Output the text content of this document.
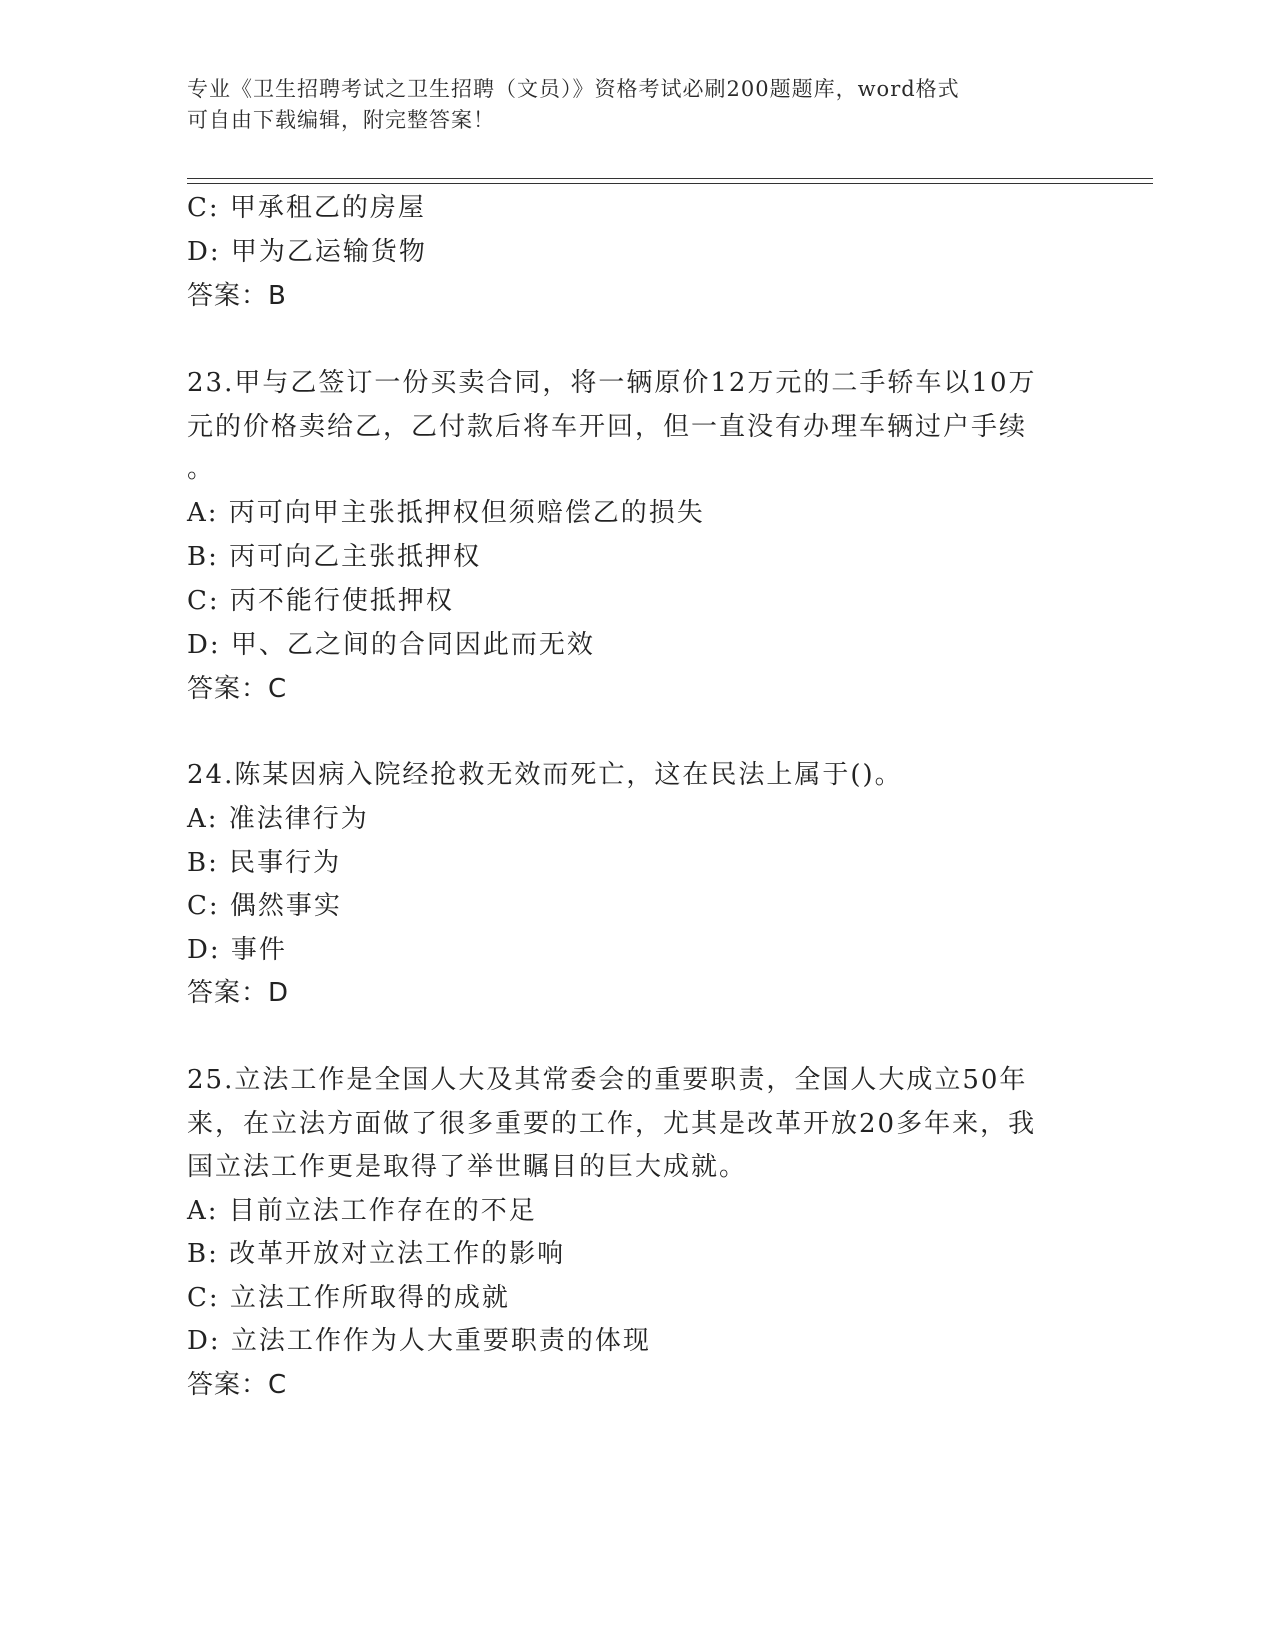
专业《卫生招聘考试之卫生招聘（文员）》资格考试必刷200题题库，word格式
可自由下载编辑，附完整答案！
C: 甲承租乙的房屋
D: 甲为乙运输货物
答案：B
23.甲与乙签订一份买卖合同，将一辆原价12万元的二手轿车以10万
元的价格卖给乙，乙付款后将车开回，但一直没有办理车辆过户手续
。
A: 丙可向甲主张抵押权但须赔偿乙的损失
B: 丙可向乙主张抵押权
C: 丙不能行使抵押权
D: 甲、乙之间的合同因此而无效
答案：C
24.陈某因病入院经抢救无效而死亡，这在民法上属于()。
A: 准法律行为
B: 民事行为
C: 偶然事实
D: 事件
答案：D
25.立法工作是全国人大及其常委会的重要职责，全国人大成立50年
来，在立法方面做了很多重要的工作，尤其是改革开放20多年来，我
国立法工作更是取得了举世瞩目的巨大成就。
A: 目前立法工作存在的不足
B: 改革开放对立法工作的影响
C: 立法工作所取得的成就
D: 立法工作作为人大重要职责的体现
答案：C
